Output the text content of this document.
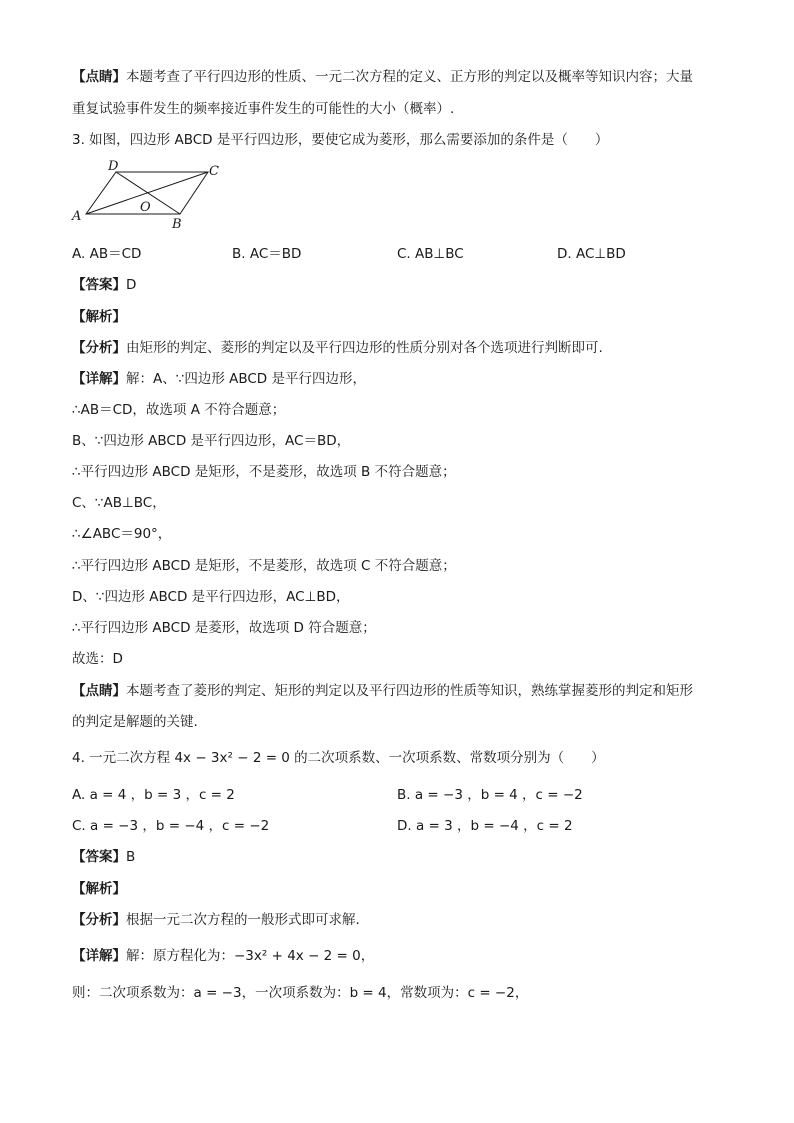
【点睛】本题考查了平行四边形的性质、一元二次方程的定义、正方形的判定以及概率等知识内容；大量
重复试验事件发生的频率接近事件发生的可能性的大小（概率）.
3. 如图，四边形 ABCD 是平行四边形，要使它成为菱形，那么需要添加的条件是（　　）
D	C
A
B
O
A. AB＝CD	B. AC＝BD	C. AB⊥BC	D. AC⊥BD
【答案】D
【解析】
【分析】由矩形的判定、菱形的判定以及平行四边形的性质分别对各个选项进行判断即可.
【详解】解：A、∵四边形 ABCD 是平行四边形，
∴AB＝CD，故选项 A 不符合题意；
B、∵四边形 ABCD 是平行四边形，AC＝BD，
∴平行四边形 ABCD 是矩形，不是菱形，故选项 B 不符合题意；
C、∵AB⊥BC，
∴∠ABC＝90°，
∴平行四边形 ABCD 是矩形，不是菱形，故选项 C 不符合题意；
D、∵四边形 ABCD 是平行四边形，AC⊥BD，
∴平行四边形 ABCD 是菱形，故选项 D 符合题意；
故选：D
【点睛】本题考查了菱形的判定、矩形的判定以及平行四边形的性质等知识，熟练掌握菱形的判定和矩形
的判定是解题的关键.
4. 一元二次方程 4x − 3x² − 2 = 0 的二次项系数、一次项系数、常数项分别为（　　）
A. a = 4 ，b = 3 ，c = 2	B. a = −3 ，b = 4 ，c = −2
C. a = −3 ，b = −4 ，c = −2	D. a = 3 ，b = −4 ，c = 2
【答案】B
【解析】
【分析】根据一元二次方程的一般形式即可求解.
【详解】解：原方程化为：−3x² + 4x − 2 = 0，
则：二次项系数为：a = −3，一次项系数为：b = 4，常数项为：c = −2，
